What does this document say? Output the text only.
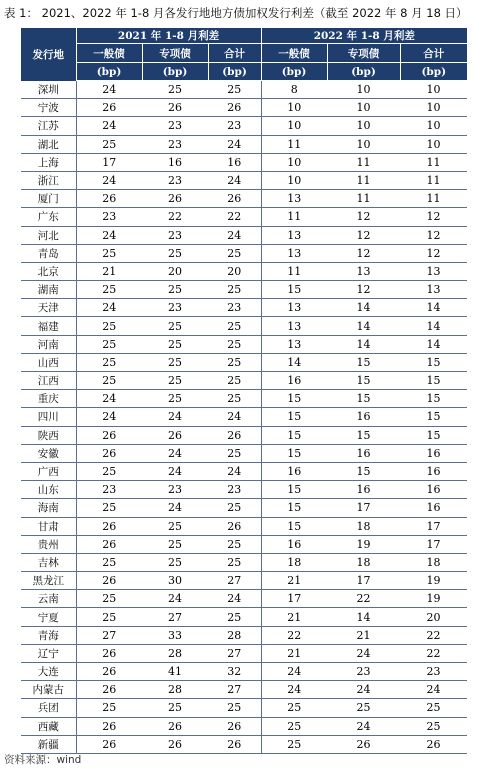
表 1： 2021、2022 年 1-8 月各发行地地方债加权发行利差（截至 2022 年 8 月 18 日）
发行地	2021 年 1-8 月利差			2022 年 1-8 月利差		
	一般债	专项债	合计	一般债	专项债	合计
	(bp)	(bp)	(bp)	(bp)	(bp)	(bp)
深圳	24	25	25	8	10	10
宁波	26	26	26	10	10	10
江苏	24	23	23	10	10	10
湖北	25	23	24	11	10	10
上海	17	16	16	10	11	11
浙江	24	23	24	10	11	11
厦门	26	26	26	13	11	11
广东	23	22	22	11	12	12
河北	24	23	24	13	12	12
青岛	25	25	25	13	12	12
北京	21	20	20	11	13	13
湖南	25	25	25	15	12	13
天津	24	23	23	13	14	14
福建	25	25	25	13	14	14
河南	25	25	25	13	14	14
山西	25	25	25	14	15	15
江西	25	25	25	16	15	15
重庆	24	25	25	15	15	15
四川	24	24	24	15	16	15
陕西	26	26	26	15	15	15
安徽	26	24	25	15	16	16
广西	25	24	24	16	15	16
山东	23	23	23	15	16	16
海南	25	24	25	15	17	16
甘肃	26	25	26	15	18	17
贵州	26	25	25	16	19	17
吉林	25	25	25	18	18	18
黑龙江	26	30	27	21	17	19
云南	25	24	24	17	22	19
宁夏	25	27	25	21	14	20
青海	27	33	28	22	21	22
辽宁	26	28	27	21	24	22
大连	26	41	32	24	23	23
内蒙古	26	28	27	24	24	24
兵团	25	25	25	25	25	25
西藏	26	26	26	25	24	25
新疆	26	26	26	25	26	26
资料来源：wind
